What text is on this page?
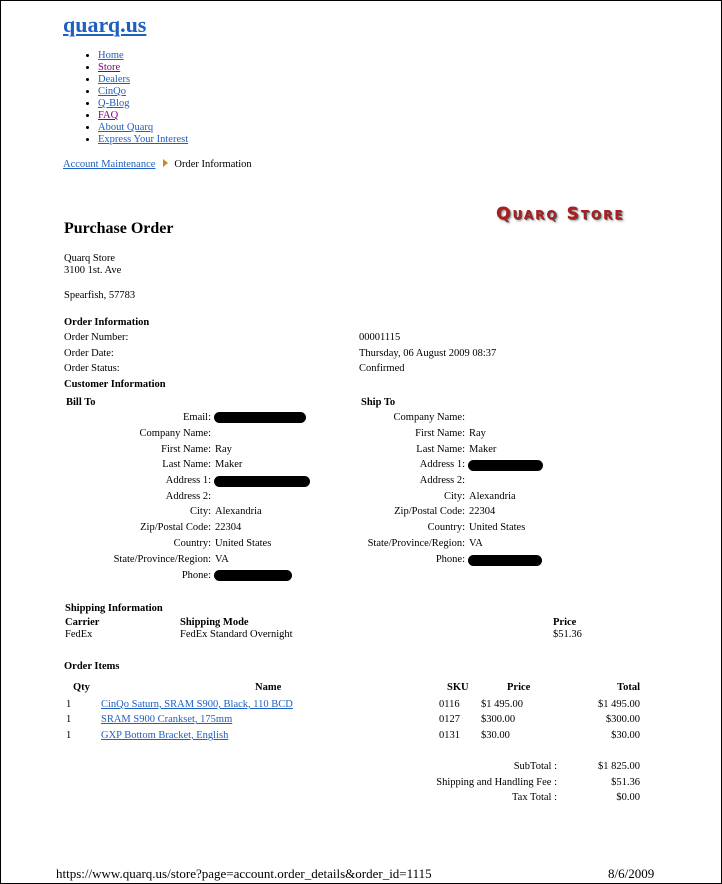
quarq.us
• Home
• Store
• Dealers
• CinQo
• Q-Blog
• FAQ
• About Quarq
• Express Your Interest
Account Maintenance Order Information
Quarq Store
Purchase Order
Quarq Store
3100 1st. Ave
Spearfish, 57783
Order Information
Order Number:	00001115
Order Date:	Thursday, 06 August 2009 08:37
Order Status:	Confirmed
Customer Information
Bill To	Ship To
Email:
Company Name:
First Name: Ray
Last Name: Maker
Address 1:
Address 2:
City: Alexandria
Zip/Postal Code: 22304
Country: United States
State/Province/Region: VA
Phone:
Company Name:
First Name: Ray
Last Name: Maker
Address 1:
Address 2:
City: Alexandria
Zip/Postal Code: 22304
Country: United States
State/Province/Region: VA
Phone:
Shipping Information
Carrier	Shipping Mode	Price
FedEx	FedEx Standard Overnight	$51.36
Order Items
Qty	Name	SKU	Price	Total
1	CinQo Saturn, SRAM S900, Black, 110 BCD	0116 $1 495.00	$1 495.00
1	SRAM S900 Crankset, 175mm	0127 $300.00	$300.00
1	GXP Bottom Bracket, English	0131 $30.00	$30.00
SubTotal :	$1 825.00
Shipping and Handling Fee :	$51.36
Tax Total :	$0.00
https://www.quarq.us/store?page=account.order_details&order_id=1115	8/6/2009
